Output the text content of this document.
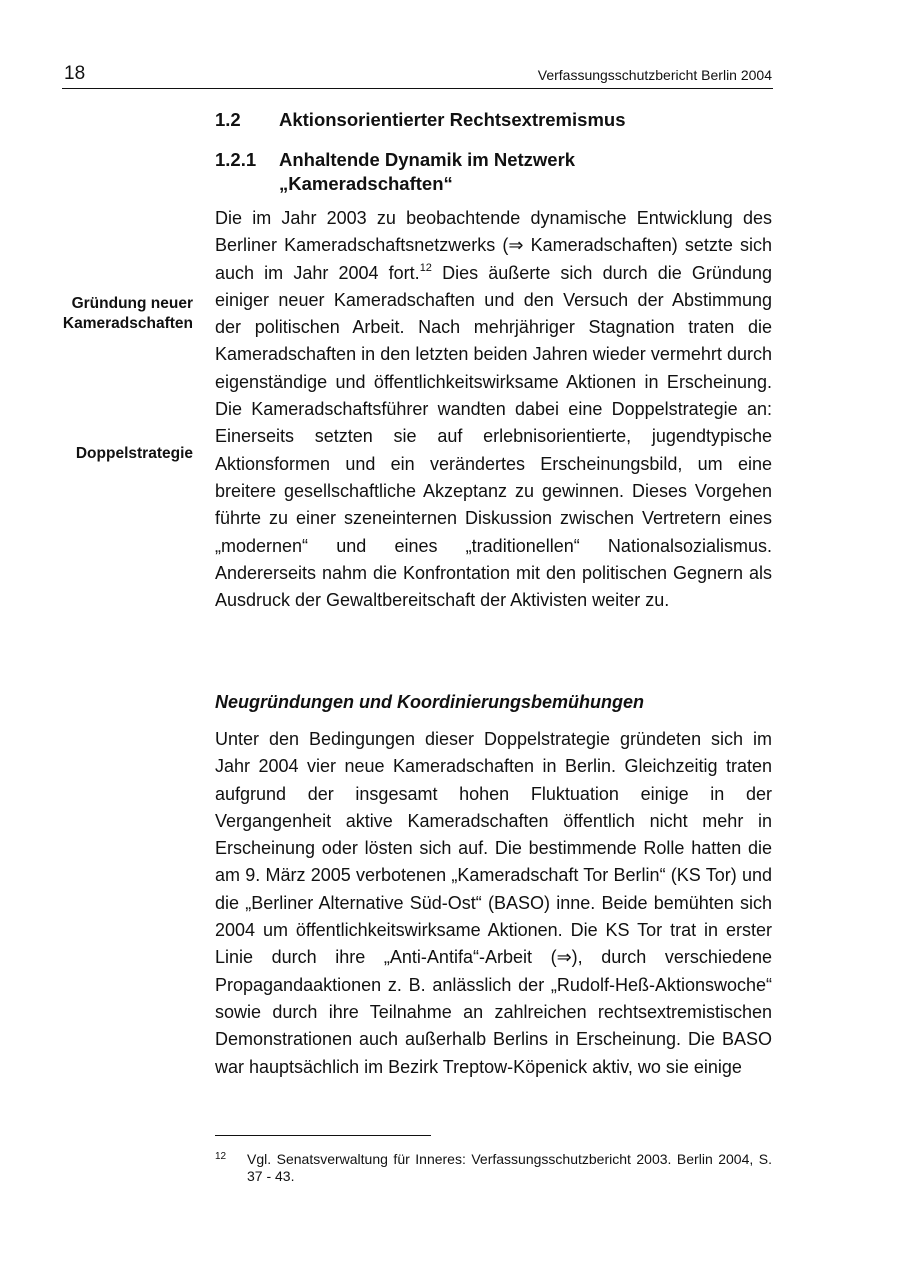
18	Verfassungsschutzbericht Berlin 2004
1.2 Aktionsorientierter Rechtsextremismus
1.2.1 Anhaltende Dynamik im Netzwerk
„Kameradschaften“
Gründung neuer
Kameradschaften
Doppelstrategie

Die im Jahr 2003 zu beobachtende dynamische Entwicklung des Berliner Kameradschaftsnetzwerks (⇒ Kameradschaften) setzte sich auch im Jahr 2004 fort.$^{12}$ Dies äußerte sich durch die Gründung einiger neuer Kameradschaften und den Versuch der Abstimmung der politischen Arbeit. Nach mehrjähriger Stagnation traten die Kameradschaften in den letzten beiden Jahren wieder vermehrt durch eigenständige und öffentlichkeitswirksame Aktionen in Erscheinung. Die Kameradschaftsführer wandten dabei eine Doppelstrategie an: Einerseits setzten sie auf erlebnisorientierte, jugendtypische Aktionsformen und ein verändertes Erscheinungsbild, um eine breitere gesellschaftliche Akzeptanz zu gewinnen. Dieses Vorgehen führte zu einer szeneinternen Diskussion zwischen Vertretern eines „modernen“ und eines „traditionellen“ Nationalsozialismus. Andererseits nahm die Konfrontation mit den politischen Gegnern als Ausdruck der Gewaltbereitschaft der Aktivisten weiter zu.

Neugründungen und Koordinierungsbemühungen

Unter den Bedingungen dieser Doppelstrategie gründeten sich im Jahr 2004 vier neue Kameradschaften in Berlin. Gleichzeitig traten aufgrund der insgesamt hohen Fluktuation einige in der Vergangenheit aktive Kameradschaften öffentlich nicht mehr in Erscheinung oder lösten sich auf. Die bestimmende Rolle hatten die am 9. März 2005 verbotenen „Kameradschaft Tor Berlin“ (KS Tor) und die „Berliner Alternative Süd-Ost“ (BASO) inne. Beide bemühten sich 2004 um öffentlichkeitswirksame Aktionen. Die KS Tor trat in erster Linie durch ihre „Anti-Antifa“-Arbeit (⇒), durch verschiedene Propagandaaktionen z. B. anlässlich der „Rudolf-Heß-Aktionswoche“ sowie durch ihre Teilnahme an zahlreichen rechtsextremistischen Demonstrationen auch außerhalb Berlins in Erscheinung. Die BASO war hauptsächlich im Bezirk Treptow-Köpenick aktiv, wo sie einige

12 Vgl. Senatsverwaltung für Inneres: Verfassungsschutzbericht 2003. Berlin 2004, S. 37 - 43.
